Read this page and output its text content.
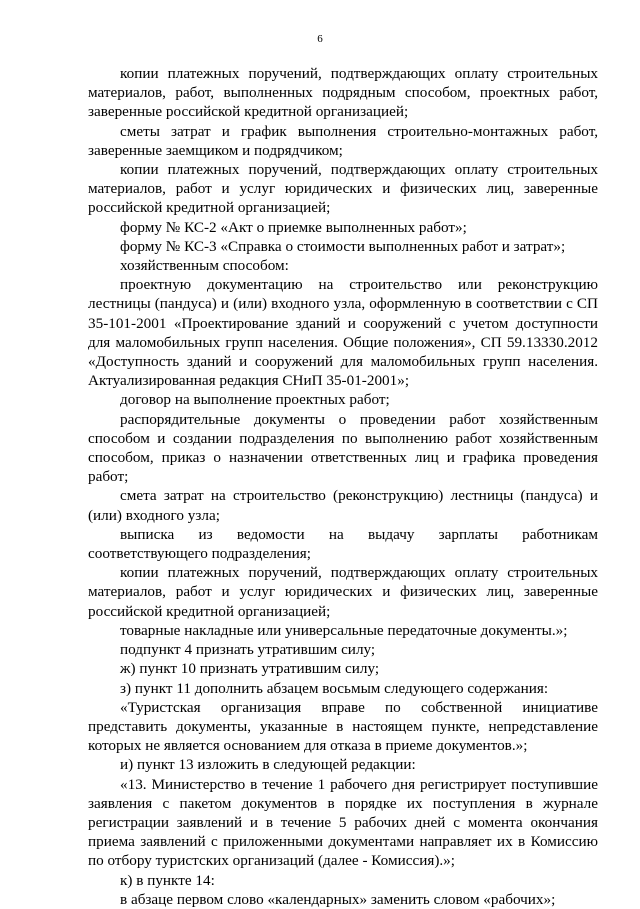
6

копии платежных поручений, подтверждающих оплату строительных материалов, работ, выполненных подрядным способом, проектных работ, заверенные российской кредитной организацией;

сметы затрат и график выполнения строительно-монтажных работ, заверенные заемщиком и подрядчиком;

копии платежных поручений, подтверждающих оплату строительных материалов, работ и услуг юридических и физических лиц, заверенные российской кредитной организацией;

форму № КС-2 «Акт о приемке выполненных работ»;

форму № КС-3 «Справка о стоимости выполненных работ и затрат»;

хозяйственным способом:

проектную документацию на строительство или реконструкцию лестницы (пандуса) и (или) входного узла, оформленную в соответствии с СП 35-101-2001 «Проектирование зданий и сооружений с учетом доступности для маломобильных групп населения. Общие положения», СП 59.13330.2012 «Доступность зданий и сооружений для маломобильных групп населения. Актуализированная редакция СНиП 35-01-2001»;

договор на выполнение проектных работ;

распорядительные документы о проведении работ хозяйственным способом и создании подразделения по выполнению работ хозяйственным способом, приказ о назначении ответственных лиц и графика проведения работ;

смета затрат на строительство (реконструкцию) лестницы (пандуса) и (или) входного узла;

выписка из ведомости на выдачу зарплаты работникам соответствующего подразделения;

копии платежных поручений, подтверждающих оплату строительных материалов, работ и услуг юридических и физических лиц, заверенные российской кредитной организацией;

товарные накладные или универсальные передаточные документы.»;

подпункт 4 признать утратившим силу;

ж) пункт 10 признать утратившим силу;

з) пункт 11 дополнить абзацем восьмым следующего содержания:

«Туристская организация вправе по собственной инициативе представить документы, указанные в настоящем пункте, непредставление которых не является основанием для отказа в приеме документов.»;

и) пункт 13 изложить в следующей редакции:

«13. Министерство в течение 1 рабочего дня регистрирует поступившие заявления с пакетом документов в порядке их поступления в журнале регистрации заявлений и в течение 5 рабочих дней с момента окончания приема заявлений с приложенными документами направляет их в Комиссию по отбору туристских организаций (далее - Комиссия).»;

к) в пункте 14:

в абзаце первом слово «календарных» заменить словом «рабочих»;
